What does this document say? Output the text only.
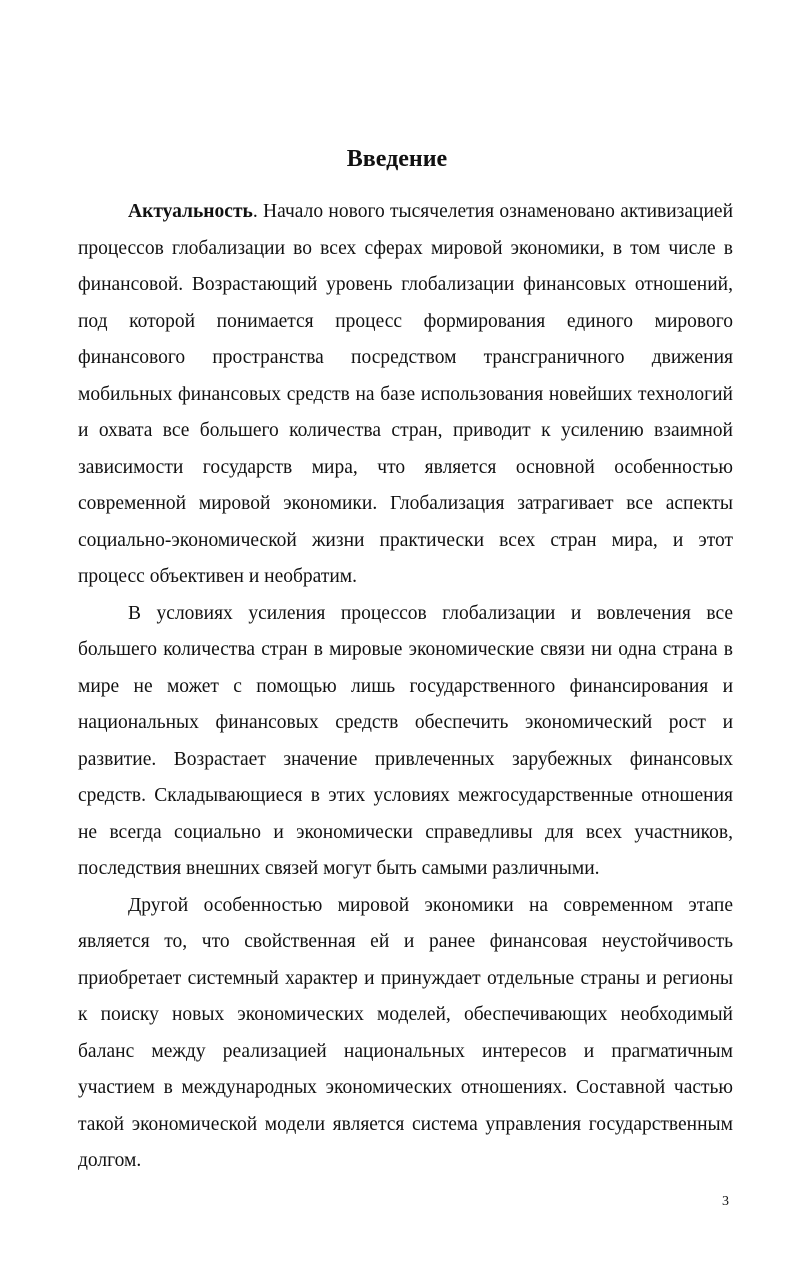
Введение

Актуальность. Начало нового тысячелетия ознаменовано активизацией процессов глобализации во всех сферах мировой экономики, в том числе в финансовой. Возрастающий уровень глобализации финансовых отношений, под которой понимается процесс формирования единого мирового финансового пространства посредством трансграничного движения мобильных финансовых средств на базе использования новейших технологий и охвата все большего количества стран, приводит к усилению взаимной зависимости государств мира, что является основной особенностью современной мировой экономики. Глобализация затрагивает все аспекты социально-экономической жизни практически всех стран мира, и этот процесс объективен и необратим.

В условиях усиления процессов глобализации и вовлечения все большего количества стран в мировые экономические связи ни одна страна в мире не может с помощью лишь государственного финансирования и национальных финансовых средств обеспечить экономический рост и развитие. Возрастает значение привлеченных зарубежных финансовых средств. Складывающиеся в этих условиях межгосударственные отношения не всегда социально и экономически справедливы для всех участников, последствия внешних связей могут быть самыми различными.

Другой особенностью мировой экономики на современном этапе является то, что свойственная ей и ранее финансовая неустойчивость приобретает системный характер и принуждает отдельные страны и регионы к поиску новых экономических моделей, обеспечивающих необходимый баланс между реализацией национальных интересов и прагматичным участием в международных экономических отношениях. Составной частью такой экономической модели является система управления государственным долгом.

3
